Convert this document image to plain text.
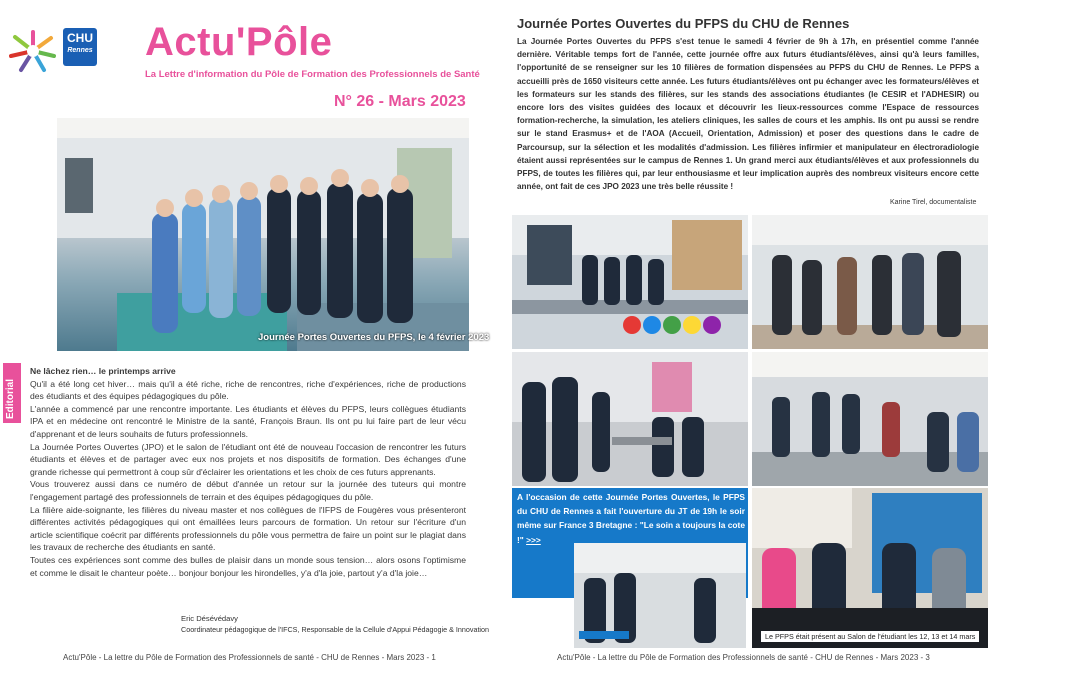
CHU
Rennes Actu'Pôle
La Lettre d'information du Pôle de Formation des Professionnels de Santé
N° 26 - Mars 2023
Journée Portes Ouvertes du PFPS, le 4 février 2023
Editorial

Ne lâchez rien… le printemps arrive

Qu'il a été long cet hiver… mais qu'il a été riche, riche de rencontres, riche d'expériences, riche de productions des étudiants et des équipes pédagogiques du pôle.

L'année a commencé par une rencontre importante. Les étudiants et élèves du PFPS, leurs collègues étudiants IPA et en médecine ont rencontré le Ministre de la santé, François Braun. Ils ont pu lui faire part de leur vécu d'apprenant et de leurs souhaits de futurs professionnels.

La Journée Portes Ouvertes (JPO) et le salon de l'étudiant ont été de nouveau l'occasion de rencontrer les futurs étudiants et élèves et de partager avec eux nos projets et nos dispositifs de formation. Des échanges d'une grande richesse qui permettront à coup sûr d'éclairer les orientations et les choix de ces futurs apprenants.

Vous trouverez aussi dans ce numéro de début d'année un retour sur la journée des tuteurs qui montre l'engagement partagé des professionnels de terrain et des équipes pédagogiques du pôle.

La filière aide-soignante, les filières du niveau master et nos collègues de l'IFPS de Fougères vous présenteront différentes activités pédagogiques qui ont émaillées leurs parcours de formation. Un retour sur l'écriture d'un article scientifique coécrit par différents professionnels du pôle vous permettra de faire un point sur le plagiat dans les travaux de recherche des étudiants en santé.

Toutes ces expériences sont comme des bulles de plaisir dans un monde sous tension… alors osons l'optimisme et comme le disait le chanteur poète… bonjour bonjour les hirondelles, y'a d'la joie, partout y'a d'la joie…

Eric Désévédavy
Coordinateur pédagogique de l'IFCS, Responsable de la Cellule d'Appui Pédagogie & Innovation
Actu'Pôle - La lettre du Pôle de Formation des Professionnels de santé - CHU de Rennes - Mars 2023 - 1
Journée Portes Ouvertes du PFPS du CHU de Rennes
La Journée Portes Ouvertes du PFPS s'est tenue le samedi 4 février de 9h à 17h, en présentiel comme l'année dernière. Véritable temps fort de l'année, cette journée offre aux futurs étudiants/élèves, ainsi qu'à leurs familles, l'opportunité de se renseigner sur les 10 filières de formation dispensées au PFPS du CHU de Rennes. Le PFPS a accueilli près de 1650 visiteurs cette année. Les futurs étudiants/élèves ont pu échanger avec les formateurs/élèves et les formateurs sur les stands des filières, sur les stands des associations étudiantes (le CESIR et l'ADHESIR) ou encore lors des visites guidées des locaux et découvrir les lieux-ressources comme l'Espace de ressources formation-recherche, la simulation, les ateliers cliniques, les salles de cours et les amphis. Ils ont pu aussi se rendre sur le stand Erasmus+ et de l'AOA (Accueil, Orientation, Admission) et poser des questions dans le cadre de Parcoursup, sur la sélection et les modalités d'admission. Les filières infirmier et manipulateur en électroradiologie étaient aussi représentées sur le campus de Rennes 1. Un grand merci aux étudiants/élèves et aux professionnels du PFPS, de toutes les filières qui, par leur enthousiasme et leur implication auprès des nombreux visiteurs encore cette année, ont fait de ces JPO 2023 une très belle réussite !
Karine Tirel, documentaliste
A l'occasion de cette Journée Portes Ouvertes, le PFPS du CHU de Rennes a fait l'ouverture du JT de 19h le soir même sur France 3 Bretagne : "Le soin a toujours la cote !" >>>
Le PFPS était présent au Salon de l'étudiant les 12, 13 et 14 mars
Actu'Pôle - La lettre du Pôle de Formation des Professionnels de santé - CHU de Rennes - Mars 2023 - 3
